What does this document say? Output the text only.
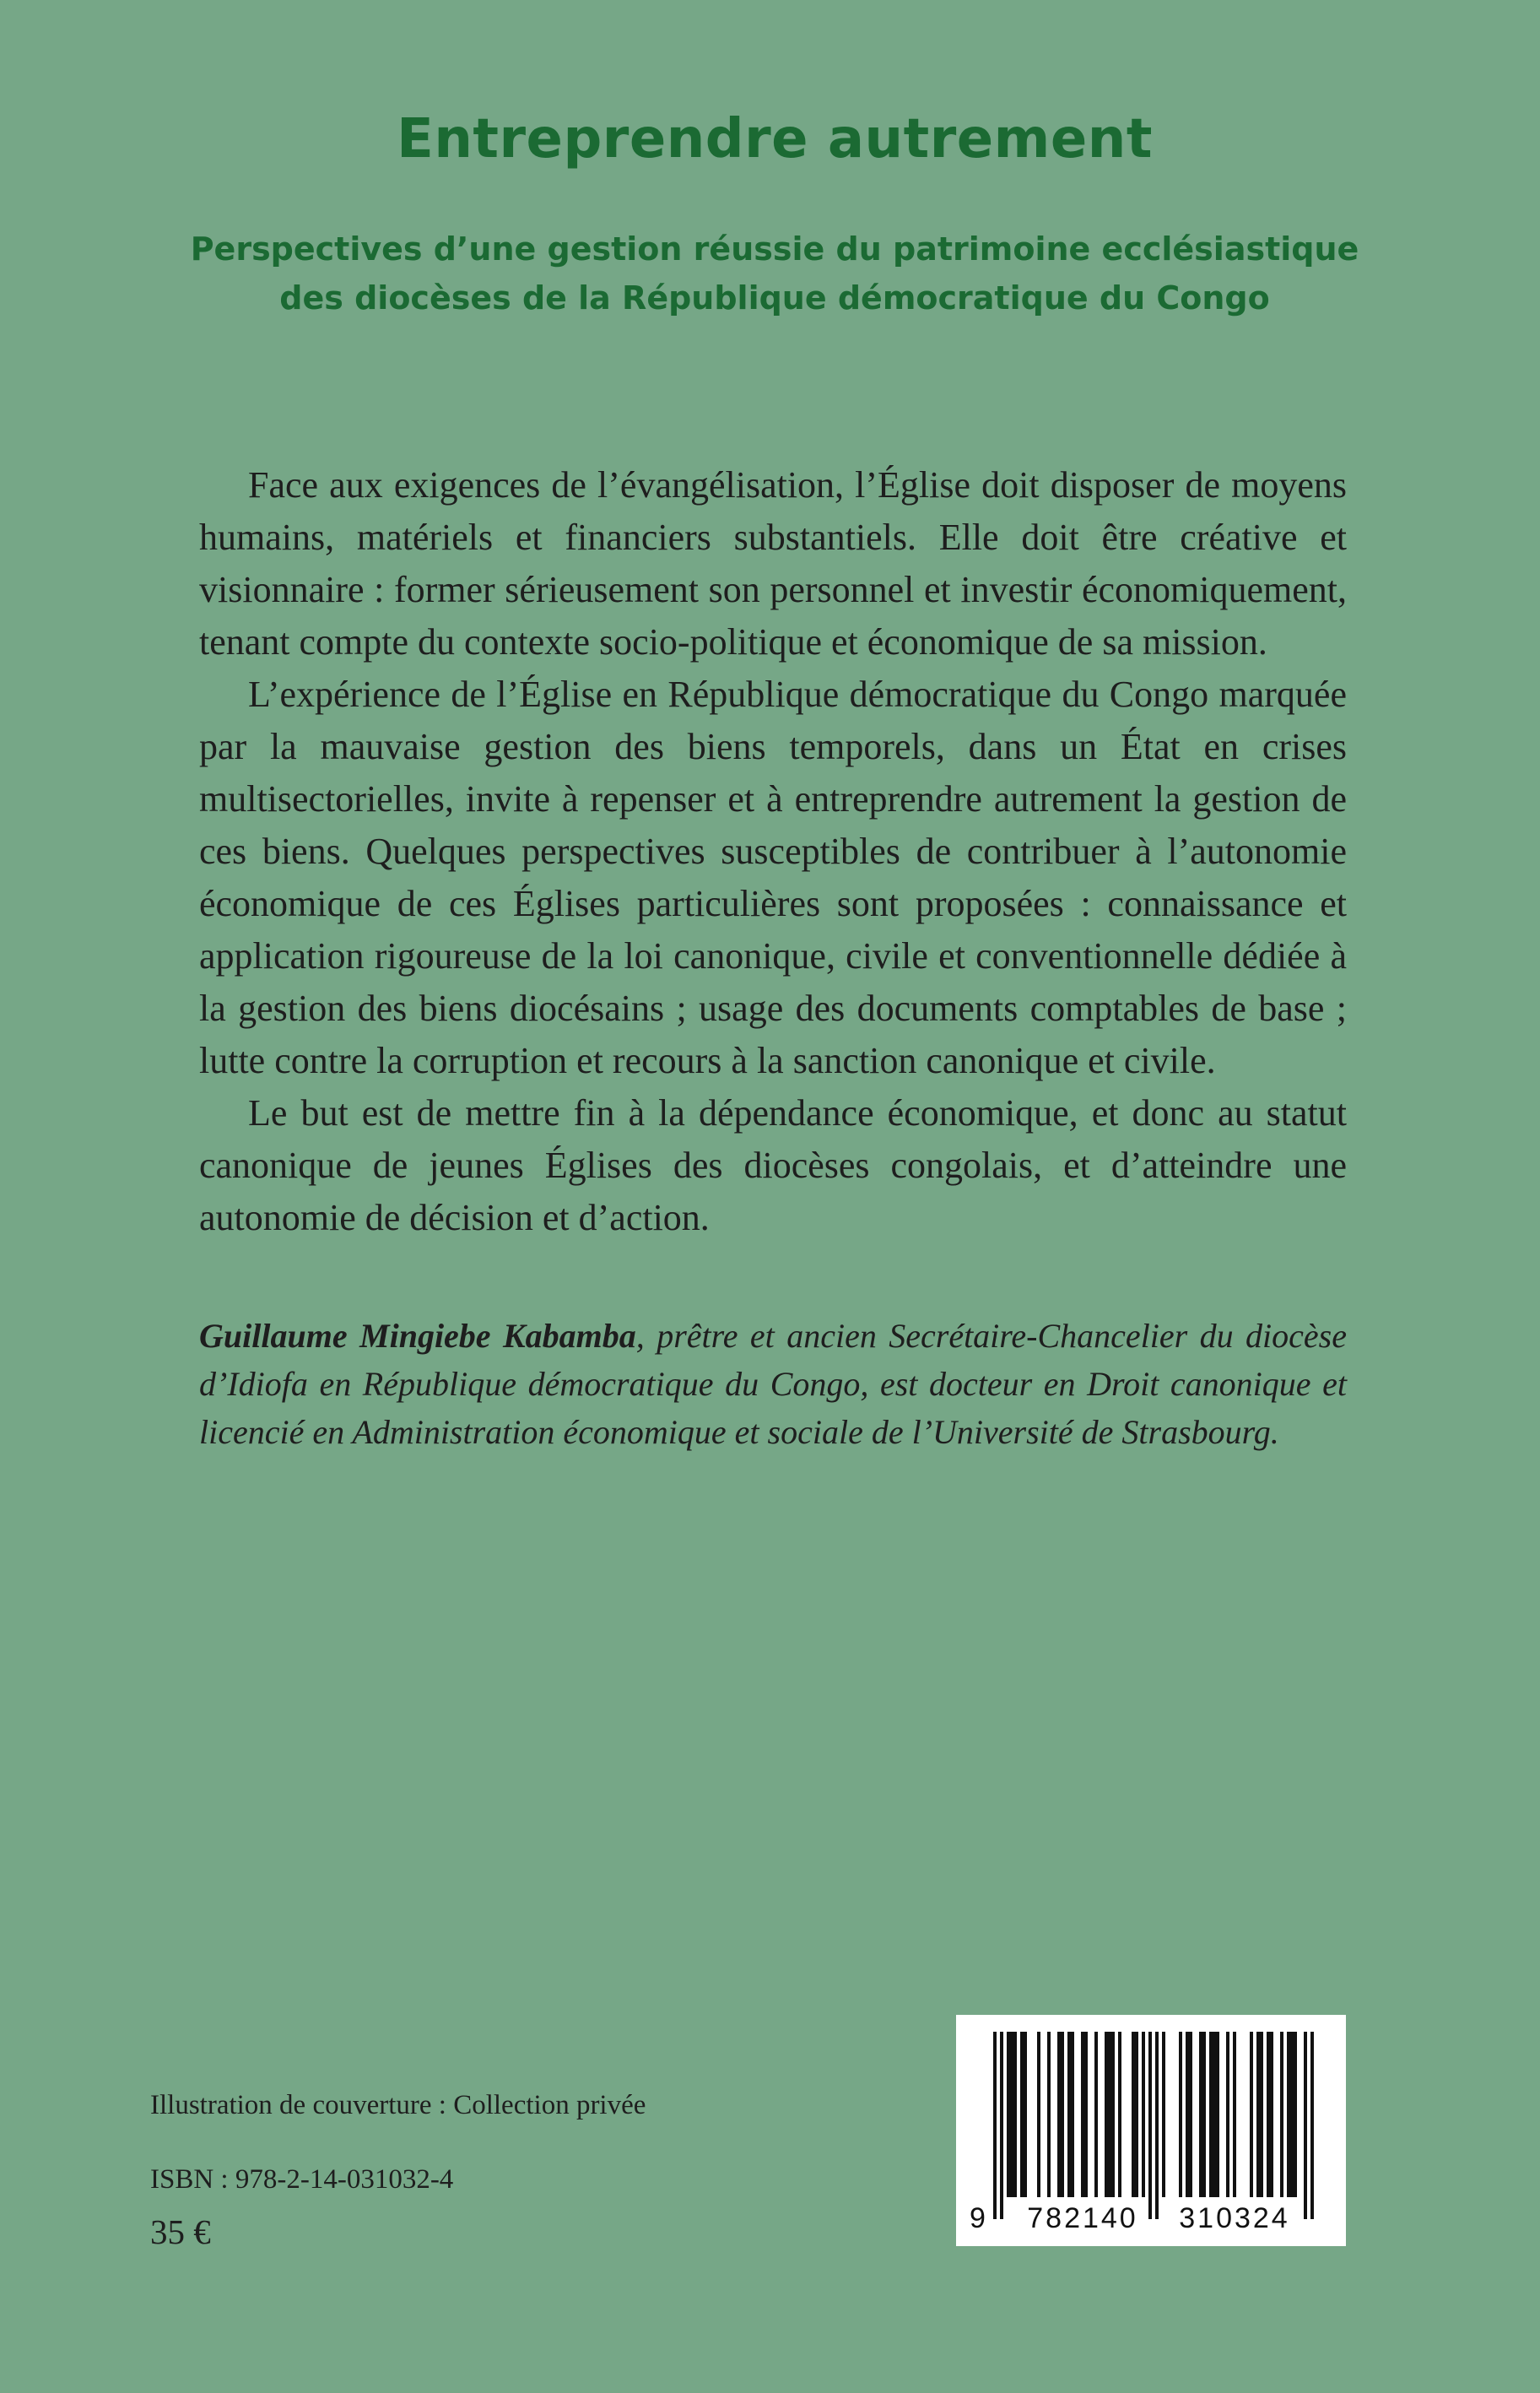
Entreprendre autrement
Perspectives d’une gestion réussie du patrimoine ecclésiastique
des diocèses de la République démocratique du Congo

Face aux exigences de l’évangélisation, l’Église doit disposer de moyens humains, matériels et financiers substantiels. Elle doit être créative et visionnaire : former sérieusement son personnel et investir économiquement, tenant compte du contexte socio-politique et économique de sa mission.

L’expérience de l’Église en République démocratique du Congo marquée par la mauvaise gestion des biens temporels, dans un État en crises multisectorielles, invite à repenser et à entreprendre autrement la gestion de ces biens. Quelques perspectives susceptibles de contribuer à l’autonomie économique de ces Églises particulières sont proposées : connaissance et application rigoureuse de la loi canonique, civile et conventionnelle dédiée à la gestion des biens diocésains ; usage des documents comptables de base ; lutte contre la corruption et recours à la sanction canonique et civile.

Le but est de mettre fin à la dépendance économique, et donc au statut canonique de jeunes Églises des diocèses congolais, et d’atteindre une autonomie de décision et d’action.

Guillaume Mingiebe Kabamba, prêtre et ancien Secrétaire-Chancelier du diocèse d’Idiofa en République démocratique du Congo, est docteur en Droit canonique et licencié en Administration économique et sociale de l’Université de Strasbourg.
Illustration de couverture : Collection privée
ISBN : 978-2-14-031032-4
35 €	9 782140 310324
